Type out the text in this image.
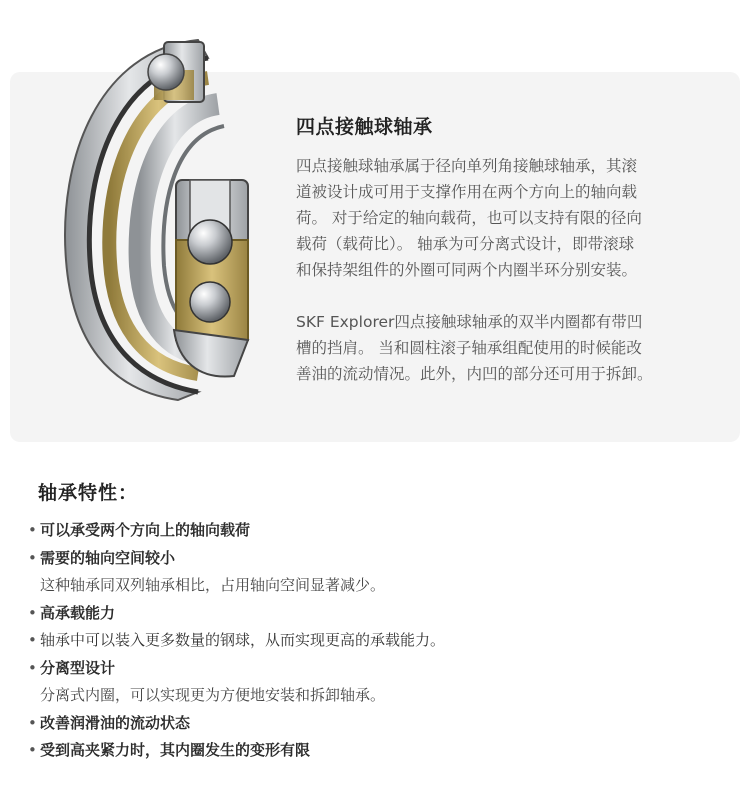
四点接触球轴承

四点接触球轴承属于径向单列角接触球轴承，其滚
道被设计成可用于支撑作用在两个方向上的轴向载
荷。 对于给定的轴向载荷，也可以支持有限的径向
载荷（载荷比）。 轴承为可分离式设计，即带滚球
和保持架组件的外圈可同两个内圈半环分别安装。

SKF Explorer四点接触球轴承的双半内圈都有带凹
槽的挡肩。 当和圆柱滚子轴承组配使用的时候能改
善油的流动情况。此外，内凹的部分还可用于拆卸。

轴承特性：
• 可以承受两个方向上的轴向载荷
• 需要的轴向空间较小
这种轴承同双列轴承相比，占用轴向空间显著减少。
• 高承载能力
• 轴承中可以装入更多数量的钢球，从而实现更高的承载能力。
• 分离型设计
分离式内圈，可以实现更为方便地安装和拆卸轴承。
• 改善润滑油的流动状态
• 受到高夹紧力时，其内圈发生的变形有限
